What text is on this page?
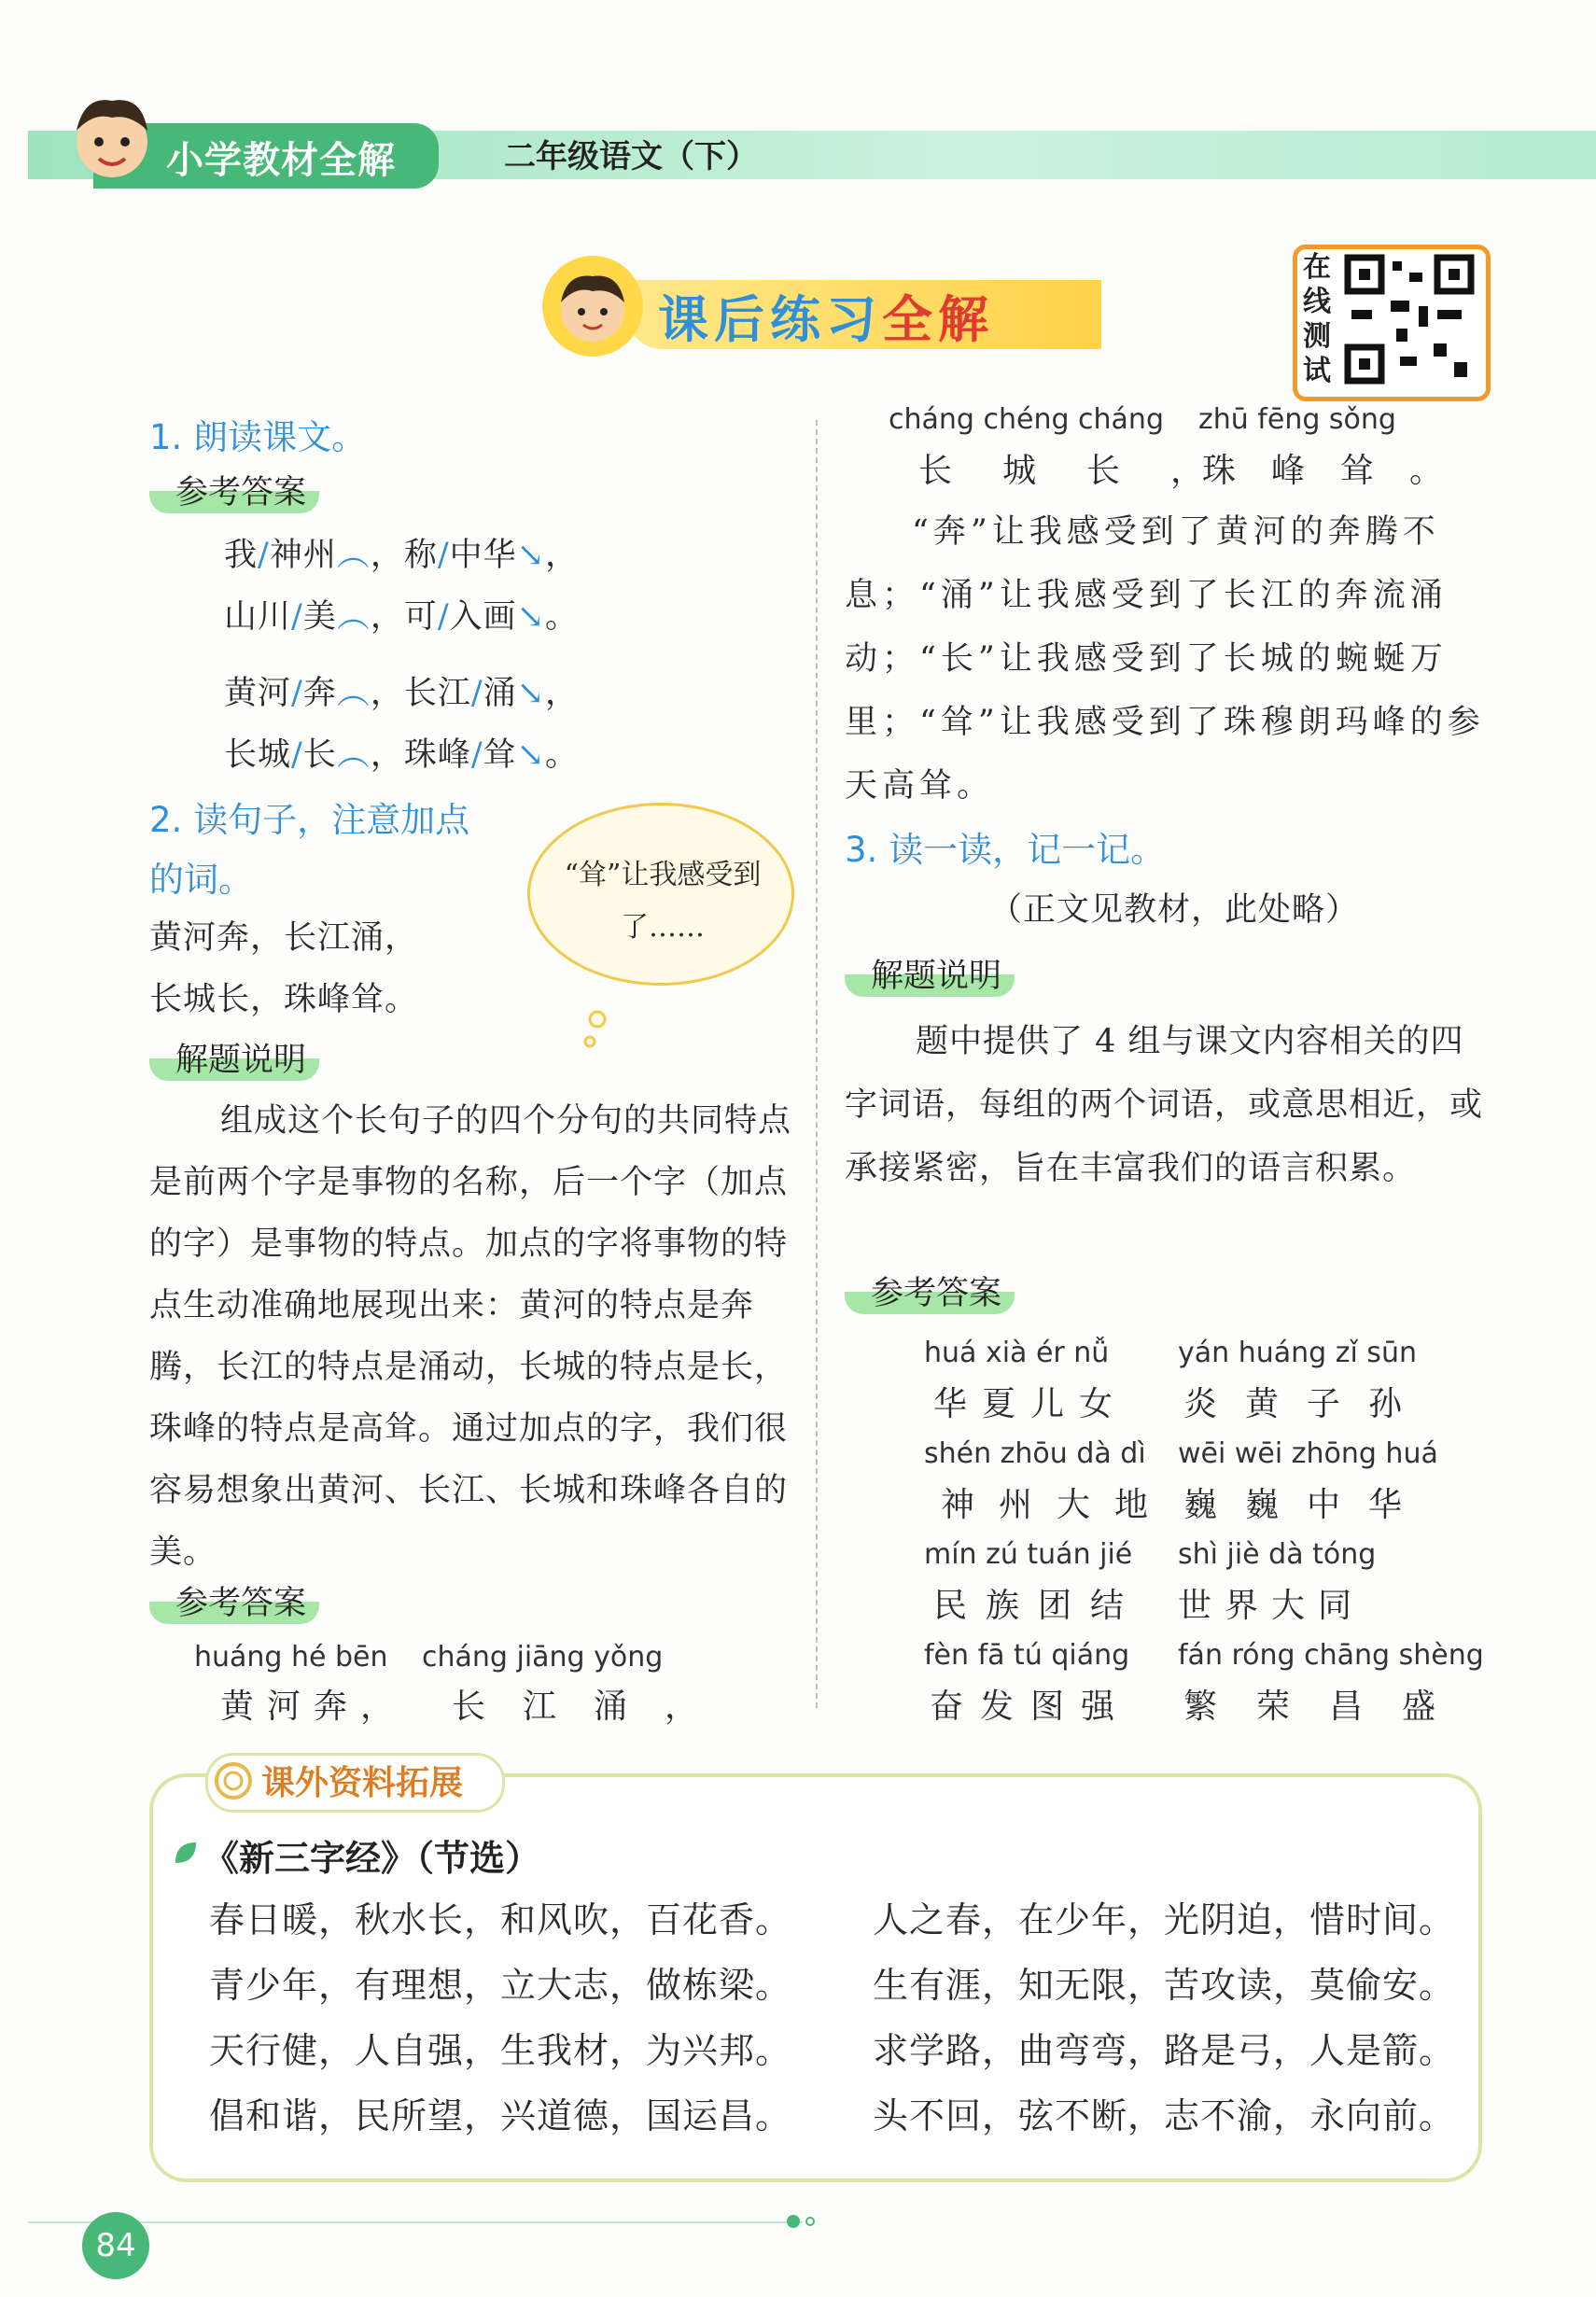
小学教材全解	二年级语文（下）
课后练习全解
在线测试
1. 朗读课文。
参考答案
我/神州︵，称/中华↘，
山川/美︵，可/入画↘。
黄河/奔︵，长江/涌↘，
长城/长︵，珠峰/耸↘。
2. 读句子，注意加点
的词。
黄河奔，长江涌，
长城长，珠峰耸。
“耸”让我感受到了……
解题说明
组成这个长句子的四个分句的共同特点是前两个字是事物的名称，后一个字（加点的字）是事物的特点。加点的字将事物的特点生动准确地展现出来：黄河的特点是奔腾，长江的特点是涌动，长城的特点是长，珠峰的特点是高耸。通过加点的字，我们很容易想象出黄河、长江、长城和珠峰各自的美。
参考答案
huáng hé bēn cháng jiāng yǒng
黄河奔， 长江涌，
cháng chéng cháng zhū fēng sǒng
长城长，
珠峰耸。
“奔”让我感受到了黄河的奔腾不息；“涌”让我感受到了长江的奔流涌动；“长”让我感受到了长城的蜿蜒万里；“耸”让我感受到了珠穆朗玛峰的参天高耸。
3. 读一读，记一记。
（正文见教材，此处略）
解题说明
题中提供了 4 组与课文内容相关的四字词语，每组的两个词语，或意思相近，或承接紧密，旨在丰富我们的语言积累。
参考答案
huá xià ér nǚ
华夏儿女
yán huáng zǐ sūn
炎黄子孙
shén zhōu dà dì
神州大地
wēi wēi zhōng huá
巍巍中华
mín zú tuán jié
民族团结
shì jiè dà tóng
世界大同
fèn fā tú qiáng
奋发图强
fán róng chāng shèng
繁荣昌盛
课外资料拓展
《新三字经》（节选）
春日暖，秋水长，和风吹，百花香。
青少年，有理想，立大志，做栋梁。
天行健，人自强，生我材，为兴邦。
倡和谐，民所望，兴道德，国运昌。
人之春，在少年，光阴迫，惜时间。
生有涯，知无限，苦攻读，莫偷安。
求学路，曲弯弯，路是弓，人是箭。
头不回，弦不断，志不渝，永向前。
84
